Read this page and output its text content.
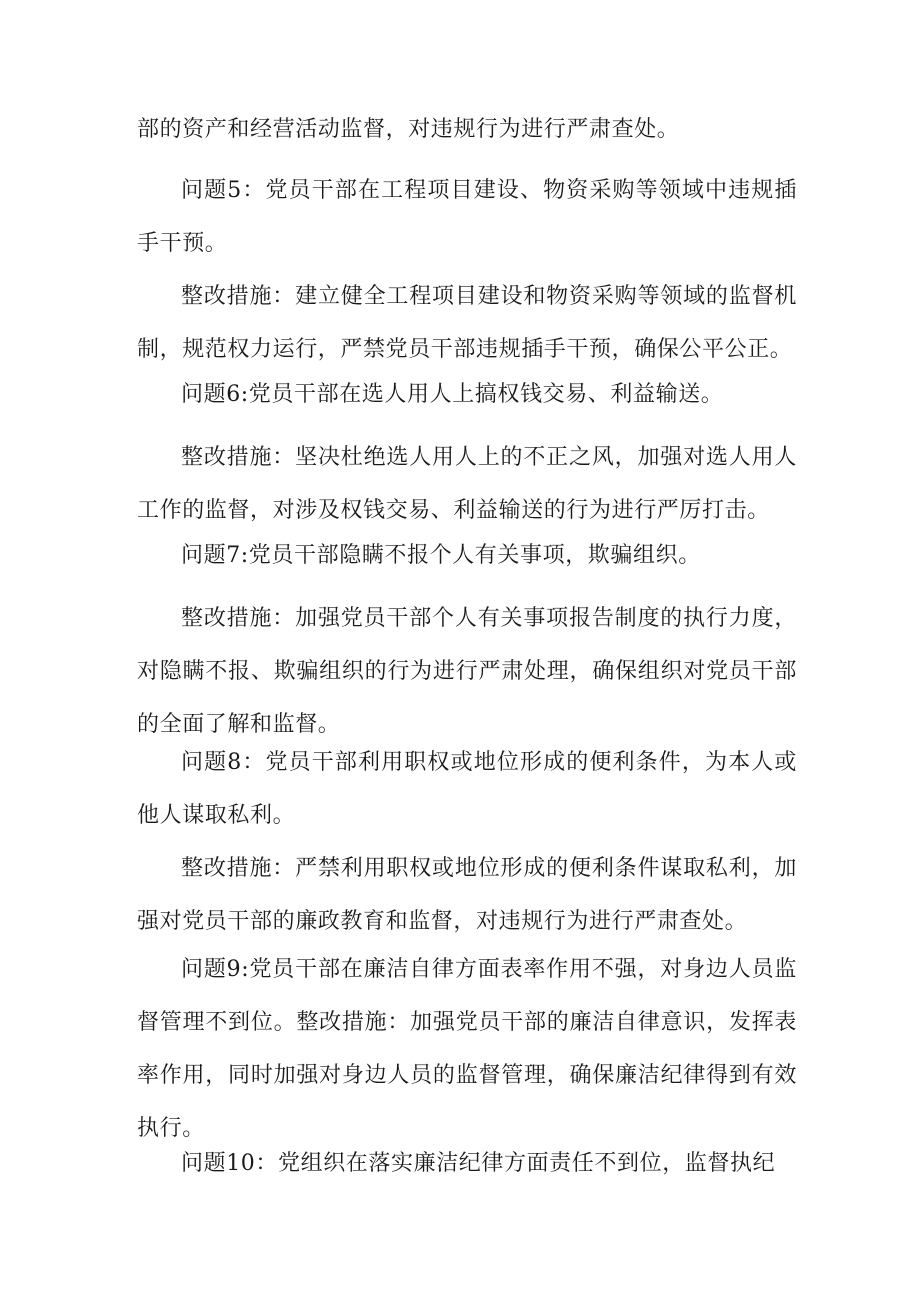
部的资产和经营活动监督，对违规行为进行严肃查处。

问题5：党员干部在工程项目建设、物资采购等领域中违规插手干预。

整改措施：建立健全工程项目建设和物资采购等领域的监督机制，规范权力运行，严禁党员干部违规插手干预，确保公平公正。

问题6:党员干部在选人用人上搞权钱交易、利益输送。

整改措施：坚决杜绝选人用人上的不正之风，加强对选人用人工作的监督，对涉及权钱交易、利益输送的行为进行严厉打击。

问题7:党员干部隐瞒不报个人有关事项，欺骗组织。

整改措施：加强党员干部个人有关事项报告制度的执行力度，对隐瞒不报、欺骗组织的行为进行严肃处理，确保组织对党员干部的全面了解和监督。

问题8：党员干部利用职权或地位形成的便利条件，为本人或他人谋取私利。

整改措施：严禁利用职权或地位形成的便利条件谋取私利，加强对党员干部的廉政教育和监督，对违规行为进行严肃查处。

问题9:党员干部在廉洁自律方面表率作用不强，对身边人员监督管理不到位。整改措施：加强党员干部的廉洁自律意识，发挥表率作用，同时加强对身边人员的监督管理，确保廉洁纪律得到有效执行。

问题10：党组织在落实廉洁纪律方面责任不到位，监督执纪
